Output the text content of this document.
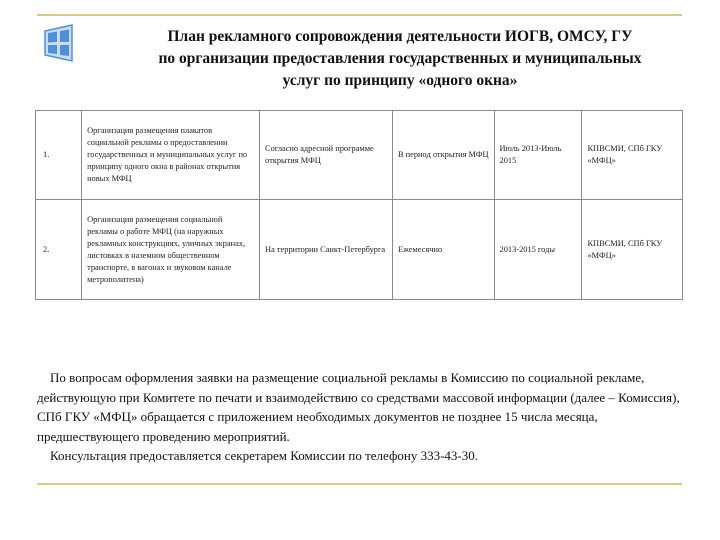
План рекламного сопровождения деятельности ИОГВ, ОМСУ, ГУ
по организации предоставления государственных и муниципальных
услуг по принципу «одного окна»
1.	Организация размещения плакатов социальной рекламы о предоставлении государственных и муниципальных услуг по принципу одного окна в районах открытия новых МФЦ	Согласно адресной программе открытия МФЦ	В период открытия МФЦ	Июль 2013-Июль 2015	КПВСМИ, СПб ГКУ «МФЦ»
2.	Организация размещения социальной рекламы о работе МФЦ (на наружных рекламных конструкциях, уличных экранах, листовках в наземном общественном транспорте, в вагонах и звуковом канале метрополитена)	На территории Санкт-Петербурга	Ежемесячно	2013-2015 годы	КПВСМИ, СПб ГКУ «МФЦ»

По вопросам оформления заявки на размещение социальной рекламы в Комиссию по социальной рекламе, действующую при Комитете по печати и взаимодействию со средствами массовой информации (далее – Комиссия), СПб ГКУ «МФЦ» обращается с приложением необходимых документов не позднее 15 числа месяца, предшествующего проведению мероприятий.

Консультация предоставляется секретарем Комиссии по телефону 333-43-30.
